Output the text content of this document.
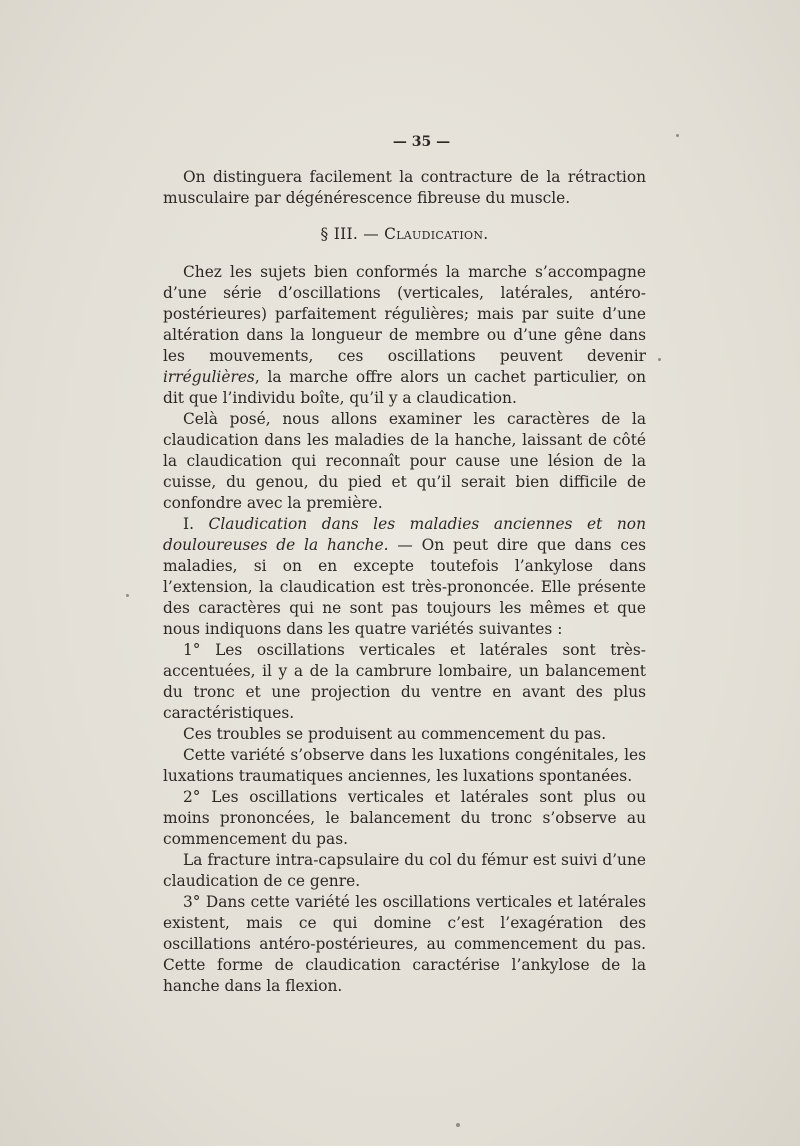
— 35 —

On distinguera facilement la contracture de la rétraction musculaire par dégénérescence fibreuse du muscle.

§ III. — Claudication.

Chez les sujets bien conformés la marche s’accompagne d’une série d’oscillations (verticales, latérales, antéro-postérieures) parfaitement régulières; mais par suite d’une altération dans la longueur de membre ou d’une gêne dans les mouvements, ces oscillations peuvent devenir irrégulières, la marche offre alors un cachet particulier, on dit que l’individu boîte, qu’il y a claudication.

Celà posé, nous allons examiner les caractères de la claudication dans les maladies de la hanche, laissant de côté la claudication qui reconnaît pour cause une lésion de la cuisse, du genou, du pied et qu’il serait bien difficile de confondre avec la première.

I. Claudication dans les maladies anciennes et non douloureuses de la hanche. — On peut dire que dans ces maladies, si on en excepte toutefois l’ankylose dans l’extension, la claudication est très-prononcée. Elle présente des caractères qui ne sont pas toujours les mêmes et que nous indiquons dans les quatre variétés suivantes :

1° Les oscillations verticales et latérales sont très-accentuées, il y a de la cambrure lombaire, un balancement du tronc et une projection du ventre en avant des plus caractéristiques.

Ces troubles se produisent au commencement du pas.

Cette variété s’observe dans les luxations congénitales, les luxations traumatiques anciennes, les luxations spontanées.

2° Les oscillations verticales et latérales sont plus ou moins prononcées, le balancement du tronc s’observe au commencement du pas.

La fracture intra-capsulaire du col du fémur est suivi d’une claudication de ce genre.

3° Dans cette variété les oscillations verticales et latérales existent, mais ce qui domine c’est l’exagération des oscillations antéro-postérieures, au commencement du pas. Cette forme de claudication caractérise l’ankylose de la hanche dans la flexion.
